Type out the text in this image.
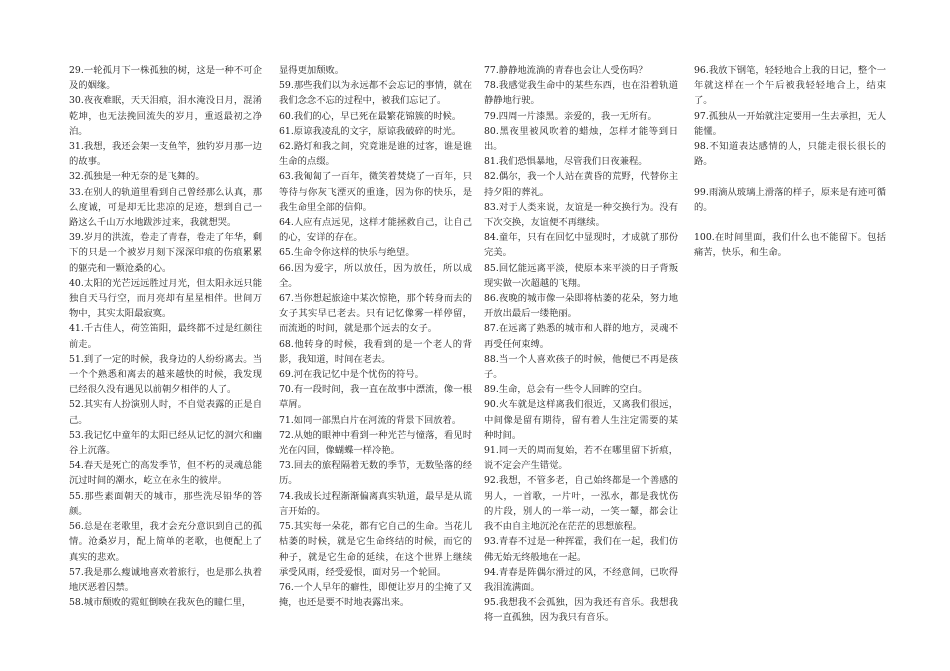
29.一轮孤月下一株孤独的树，这是一种不可企及的姻缘。

30.夜夜难眠，天天泪痕，泪水淹没日月，混淆乾坤，也无法挽回流失的岁月，重返最初之净泊。

31.我想，我还会架一支鱼竿，独钓岁月那一边的故事。

32.孤独是一种无奈的是飞舞的。

33.在别人的轨道里看到自己曾经那么认真，那么度诚，可是却无比悲凉的足迹，想到自己一路这么千山万水地跋涉过来，我就想哭。

39.岁月的洪流，卷走了青春，卷走了年华，剩下的只是一个被岁月刻下深深印痕的伤痕累累的躯壳和一颗沧桑的心。

40.太阳的光芒远远胜过月光，但太阳永远只能独自天马行空，而月亮却有星星相伴。世间万物中，其实太阳最寂寞。

41.千古佳人，荷笠笛阳，最终都不过是红颜往前走。

51.到了一定的时候，我身边的人纷纷离去。当一个个熟悉和离去的越来越快的时候，我发现已经很久没有遇见以前朝夕相伴的人了。

52.其实有人扮演别人时，不自觉表露的正是自己。

53.我记忆中童年的太阳已经从记忆的洞穴和幽谷上沉落。

54.春天是死亡的高发季节，但不朽的灵魂总能沉过时间的潮水，屹立在永生的彼岸。

55.那些素面朝天的城市，那些洗尽铅华的答颜。

56.总是在老歌里，我才会充分意识到自己的孤情。沧桑岁月，配上简单的老歌，也便配上了真实的悲欢。

57.我是那么瘦诚地喜欢着旅行，也是那么执着地厌恶着囚禁。

58.城市颓败的霓虹倒映在我灰色的瞳仁里，

显得更加颓败。

59.那些我们以为永远都不会忘记的事情，就在我们念念不忘的过程中，被我们忘记了。

60.我们的心，早已死在最繁花锦簇的时候。

61.原谅我凌乱的文字，原谅我破碎的时光。

62.路灯和我之间，究竟谁是谁的过客，谁是谁生命的点缀。

63.我匍匐了一百年，微笑着焚烧了一百年，只等待与你灰飞湮灭的重逢，因为你的快乐，是我生命里全部的信仰。

64.人应有点远见，这样才能拯救自己，让自己的心，安详的存在。

65.生命令你这样的快乐与绝望。

66.因为爱字，所以放任，因为放任，所以成全。

67.当你想起旅途中某次惊艳，那个转身而去的女子其实早已老去。只有记忆像雾一样停留，而流逝的时间，就是那个远去的女子。

68.他转身的时候，我看到的是一个老人的背影，我知道，时间在老去。

69.河在我记忆中是个忧伤的符号。

70.有一段时间，我一直在故事中漂流，像一根草屑。

71.如同一部黑白片在河流的背景下回放着。

72.从她的眼神中看到一种光芒与憧落，看见时光在闪回，像蝴蝶一样冷艳。

73.回去的旅程隔着无数的季节，无数坠落的经历。

74.我成长过程渐渐偏离真实轨道，最早是从谎言开始的。

75.其实每一朵花，都有它自己的生命。当花儿枯萎的时候，就是它生命终结的时候，而它的种子，就是它生命的延续，在这个世界上继续承受风雨，经受爱恨，面对另一个轮回。

76.一个人早年的癖性，即便让岁月的尘掩了又掩，也还是要不时地表露出来。

77.静静地流淌的青春也会让人受伤吗？

78.我感觉我生命中的某些东西，也在沿着轨道静静地行驶。

79.四周一片漆黑。亲爱的，我一无所有。

80.黑夜里被风吹着的蜡烛，怎样才能等到日出。

81.我们恐惧暴地，尽管我们日夜兼程。

82.偶尔，我一个人站在黄昏的荒野，代替你主持夕阳的葬礼。

83.对于人类来说，友谊是一种交换行为。没有下次交换，友谊便不再继续。

84.童年，只有在回忆中显现时，才成就了那份完美。

85.回忆能远离平淡，使原本来平淡的日子背叛现实做一次超越的飞翔。

86.夜晚的城市像一朵即将枯萎的花朵，努力地开放出最后一缕艳丽。

87.在远离了熟悉的城市和人群的地方，灵魂不再受任何束缚。

88.当一个人喜欢孩子的时候，他便已不再是孩子。

89.生命，总会有一些令人回眸的空白。

90.火车就是这样离我们很近，又离我们很远，中间像是留有期待，留有着人生注定需要的某种时间。

91.同一天的周而复始，若不在哪里留下折痕，说不定会产生错觉。

92.我想，不管多老，自己始终都是一个善感的男人，一首歌，一片叶，一泓水，都是我忧伤的片段，别人的一举一动，一笑一颦，都会让我不由自主地沉沦在茫茫的思想旅程。

93.青春不过是一种挥霍，我们在一起，我们仿佛无始无终般地在一起。

94.青春是阵偶尔滑过的风，不经意间，已吹得我泪流满面。

95.我想我不会孤独，因为我还有音乐。我想我将一直孤独，因为我只有音乐。

96.我放下钢笔，轻轻地合上我的日记，整个一年就这样在一个午后被我轻轻地合上，结束了。

97.孤独从一开始就注定要用一生去承担，无人能懂。

98.不知道表达感情的人，只能走很长很长的路。

99.雨滴从玻璃上滑落的样子，原来是有迹可循的。

100.在时间里面，我们什么也不能留下。包括痛苦，快乐，和生命。
